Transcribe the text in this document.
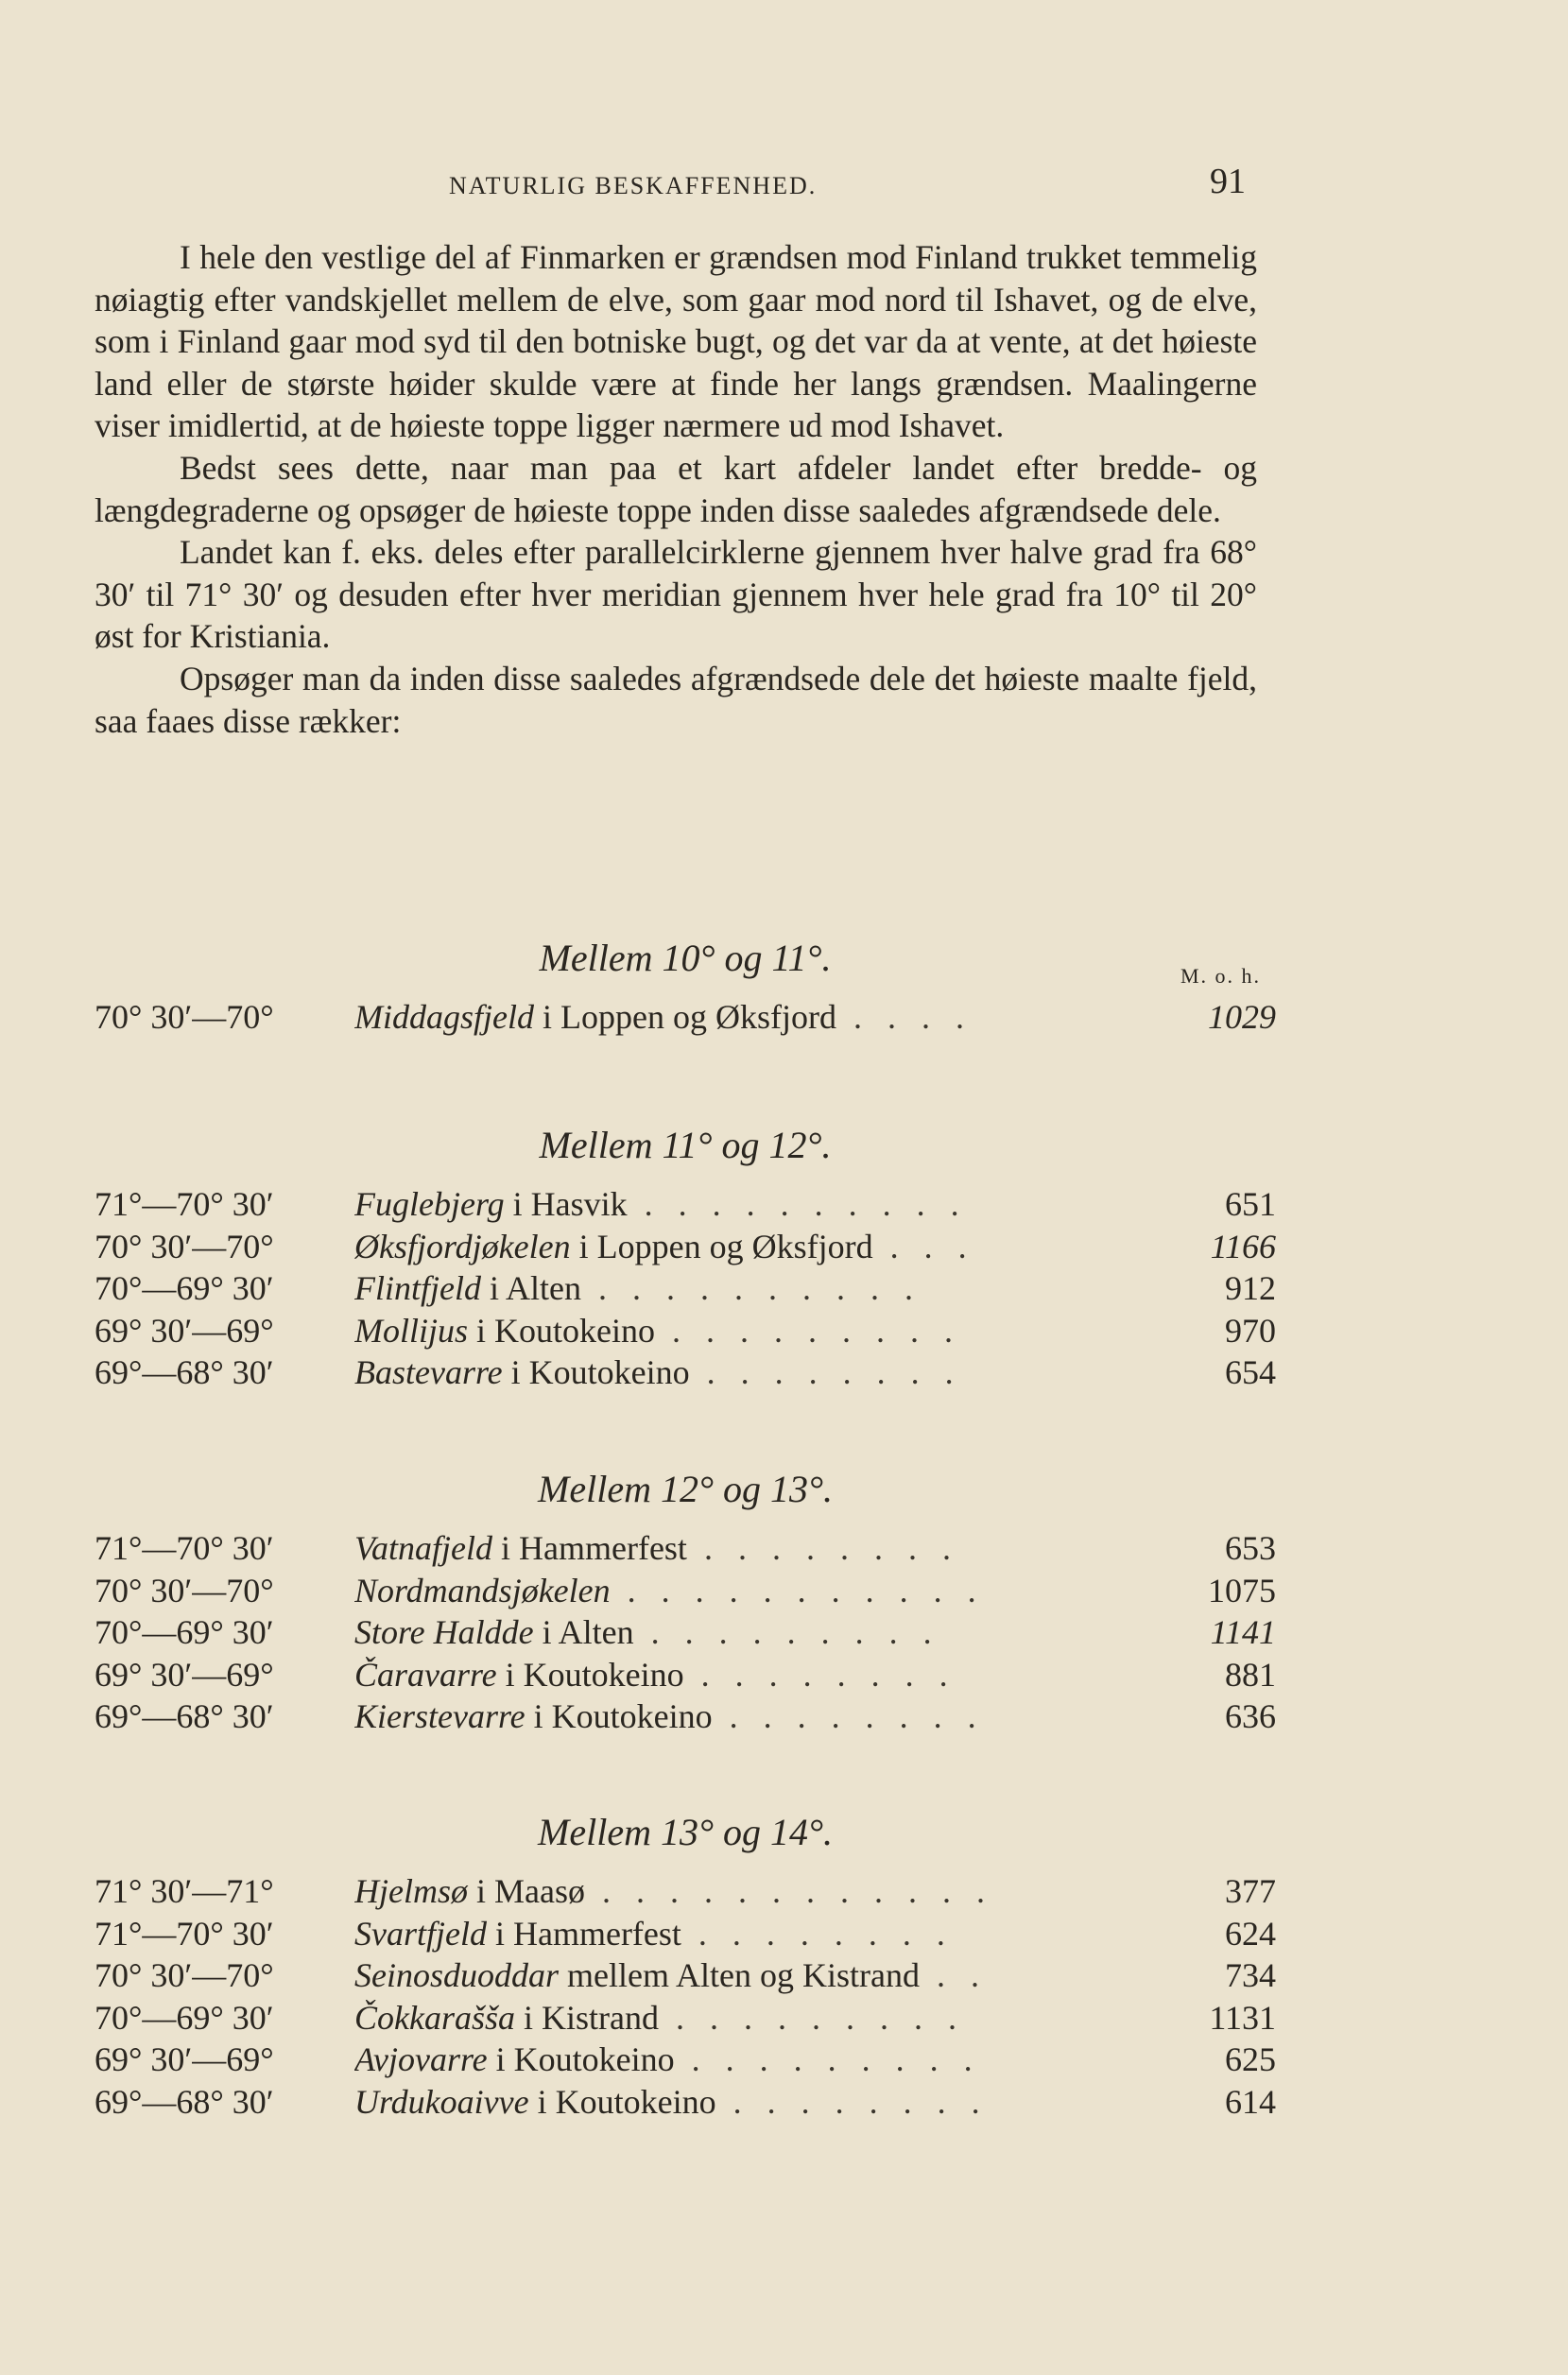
NATURLIG BESKAFFENHED.	91

I hele den vestlige del af Finmarken er grændsen mod Finland trukket temmelig nøiagtig efter vandskjellet mellem de elve, som gaar mod nord til Ishavet, og de elve, som i Finland gaar mod syd til den botniske bugt, og det var da at vente, at det høieste land eller de største høider skulde være at finde her langs grændsen. Maalingerne viser imidlertid, at de høieste toppe ligger nærmere ud mod Ishavet.

Bedst sees dette, naar man paa et kart afdeler landet efter bredde- og længdegraderne og opsøger de høieste toppe inden disse saaledes afgrændsede dele.

Landet kan f. eks. deles efter parallelcirklerne gjennem hver halve grad fra 68° 30′ til 71° 30′ og desuden efter hver meridian gjennem hver hele grad fra 10° til 20° øst for Kristiania.

Opsøger man da inden disse saaledes afgrændsede dele det høieste maalte fjeld, saa faaes disse rækker:

Mellem 10° og 11°.	M. o. h.
70° 30′—70°	Middagsfjeld i Loppen og Øksfjord . . . .	1029
Mellem 11° og 12°.
71°—70° 30′	Fuglebjerg i Hasvik . . . . . . . . . .	651
70° 30′—70°	Øksfjordjøkelen i Loppen og Øksfjord . . .	1166
70°—69° 30′	Flintfjeld i Alten . . . . . . . . . .	912
69° 30′—69°	Mollijus i Koutokeino . . . . . . . . .	970
69°—68° 30′	Bastevarre i Koutokeino . . . . . . . .	654
Mellem 12° og 13°.
71°—70° 30′	Vatnafjeld i Hammerfest . . . . . . . .	653
70° 30′—70°	Nordmandsjøkelen . . . . . . . . . . .	1075
70°—69° 30′	Store Haldde i Alten . . . . . . . . .	1141
69° 30′—69°	Čaravarre i Koutokeino . . . . . . . .	881
69°—68° 30′	Kierstevarre i Koutokeino . . . . . . . .	636
Mellem 13° og 14°.
71° 30′—71°	Hjelmsø i Maasø . . . . . . . . . . . .	377
71°—70° 30′	Svartfjeld i Hammerfest . . . . . . . .	624
70° 30′—70°	Seinosduoddar mellem Alten og Kistrand . .	734
70°—69° 30′	Čokkarašša i Kistrand . . . . . . . . .	1131
69° 30′—69°	Avjovarre i Koutokeino . . . . . . . . .	625
69°—68° 30′	Urdukoaivve i Koutokeino . . . . . . . .	614
